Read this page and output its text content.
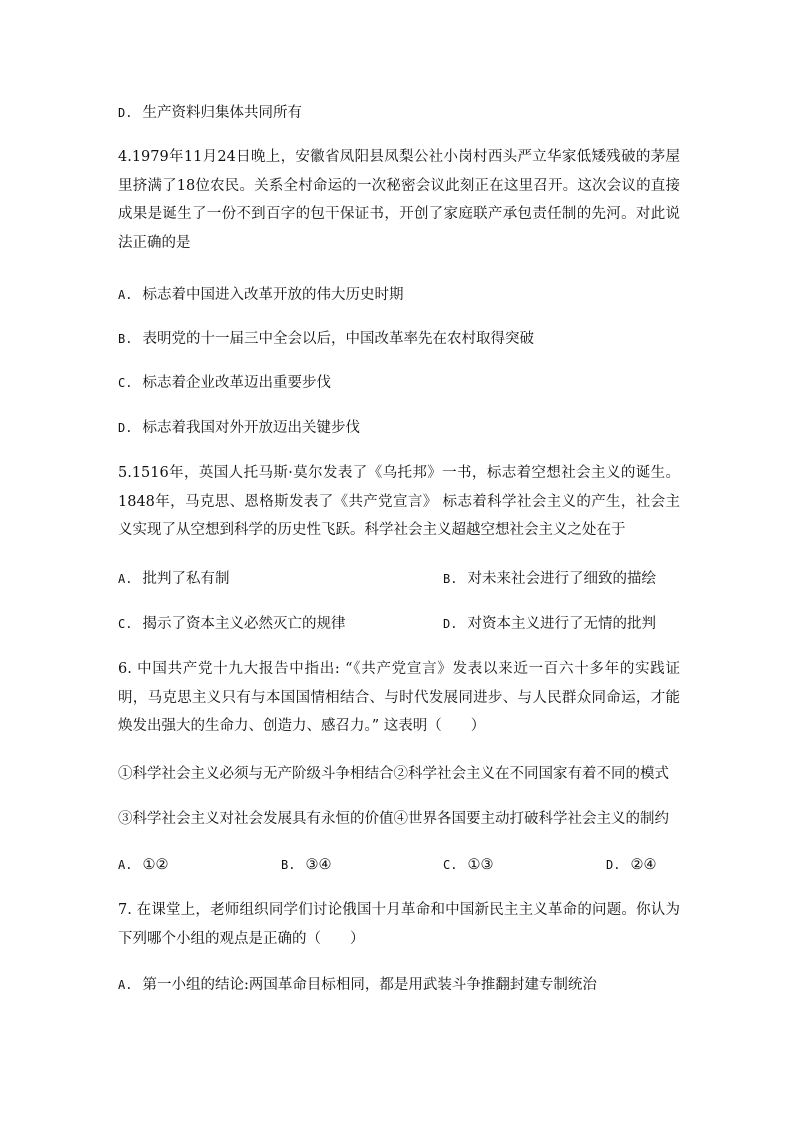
D. 生产资料归集体共同所有
4.1979年11月24日晚上，安徽省凤阳县凤梨公社小岗村西头严立华家低矮残破的茅屋里挤满了18位农民。关系全村命运的一次秘密会议此刻正在这里召开。这次会议的直接成果是诞生了一份不到百字的包干保证书，开创了家庭联产承包责任制的先河。对此说法正确的是
A. 标志着中国进入改革开放的伟大历史时期
B. 表明党的十一届三中全会以后，中国改革率先在农村取得突破
C. 标志着企业改革迈出重要步伐
D. 标志着我国对外开放迈出关键步伐
5.1516年，英国人托马斯·莫尔发表了《乌托邦》一书，标志着空想社会主义的诞生。1848年，马克思、恩格斯发表了《共产党宣言》 标志着科学社会主义的产生，社会主义实现了从空想到科学的历史性飞跃。科学社会主义超越空想社会主义之处在于
A. 批判了私有制	B. 对未来社会进行了细致的描绘
C. 揭示了资本主义必然灭亡的规律	D. 对资本主义进行了无情的批判
6. 中国共产党十九大报告中指出: “《共产党宣言》发表以来近一百六十多年的实践证明，马克思主义只有与本国国情相结合、与时代发展同进步、与人民群众同命运，才能焕发出强大的生命力、创造力、感召力。” 这表明（　　）
①科学社会主义必须与无产阶级斗争相结合②科学社会主义在不同国家有着不同的模式
③科学社会主义对社会发展具有永恒的价值④世界各国要主动打破科学社会主义的制约
A. ①②	B. ③④	C. ①③	D. ②④
7. 在课堂上，老师组织同学们讨论俄国十月革命和中国新民主主义革命的问题。你认为下列哪个小组的观点是正确的（　　）
A. 第一小组的结论:两国革命目标相同，都是用武装斗争推翻封建专制统治
